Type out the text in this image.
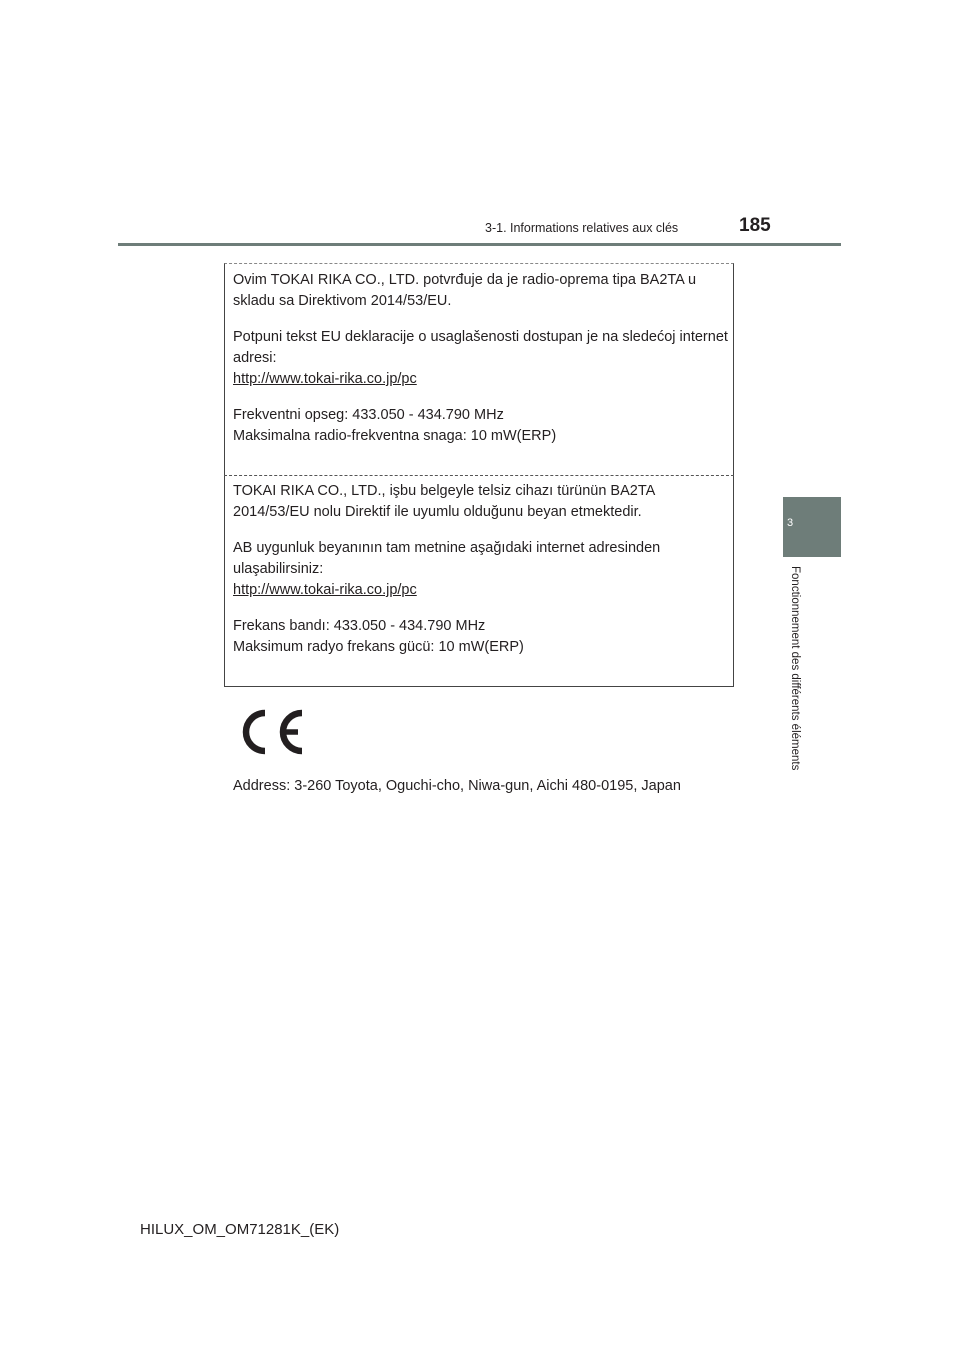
3-1. Informations relatives aux clés	185
3
Fonctionnement des différents éléments

Ovim TOKAI RIKA CO., LTD. potvrđuje da je radio-oprema tipa BA2TA u skladu sa Direktivom 2014/53/EU.

Potpuni tekst EU deklaracije o usaglašenosti dostupan je na sledećoj internet adresi:

http://www.tokai-rika.co.jp/pc

Frekventni opseg: 433.050 - 434.790 MHz

Maksimalna radio-frekventna snaga: 10 mW(ERP)

TOKAI RIKA CO., LTD., işbu belgeyle telsiz cihazı türünün BA2TA 2014/53/EU nolu Direktif ile uyumlu olduğunu beyan etmektedir.

AB uygunluk beyanının tam metnine aşağıdaki internet adresinden ulaşabilirsiniz:

http://www.tokai-rika.co.jp/pc

Frekans bandı: 433.050 - 434.790 MHz

Maksimum radyo frekans gücü: 10 mW(ERP)

Address: 3-260 Toyota, Oguchi-cho, Niwa-gun, Aichi 480-0195, Japan
HILUX_OM_OM71281K_(EK)
